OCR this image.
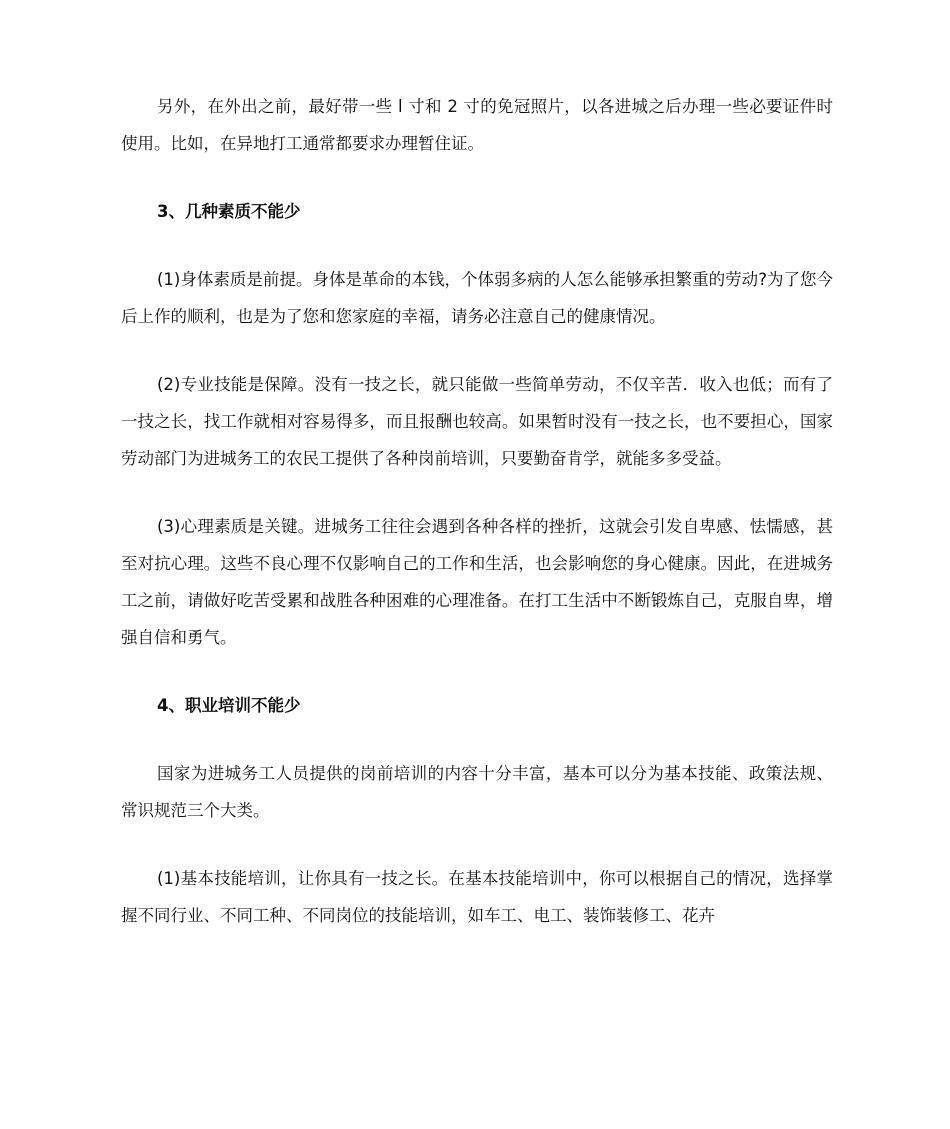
另外，在外出之前，最好带一些 l 寸和 2 寸的免冠照片，以各进城之后办理一些必要证件时使用。比如，在异地打工通常都要求办理暂住证。

3、几种素质不能少

(1)身体素质是前提。身体是革命的本钱，个体弱多病的人怎么能够承担繁重的劳动?为了您今后上作的顺利，也是为了您和您家庭的幸福，请务必注意自己的健康情况。

(2)专业技能是保障。没有一技之长，就只能做一些简单劳动，不仅辛苦．收入也低；而有了一技之长，找工作就相对容易得多，而且报酬也较高。如果暂时没有一技之长，也不要担心，国家劳动部门为进城务工的农民工提供了各种岗前培训，只要勤奋肯学，就能多多受益。

(3)心理素质是关键。进城务工往往会遇到各种各样的挫折，这就会引发自卑感、怯懦感，甚至对抗心理。这些不良心理不仅影响自己的工作和生活，也会影响您的身心健康。因此，在进城务工之前，请做好吃苦受累和战胜各种困难的心理准备。在打工生活中不断锻炼自己，克服自卑，增强自信和勇气。

4、职业培训不能少

国家为进城务工人员提供的岗前培训的内容十分丰富，基本可以分为基本技能、政策法规、常识规范三个大类。

(1)基本技能培训，让你具有一技之长。在基本技能培训中，你可以根据自己的情况，选择掌握不同行业、不同工种、不同岗位的技能培训，如车工、电工、装饰装修工、花卉
